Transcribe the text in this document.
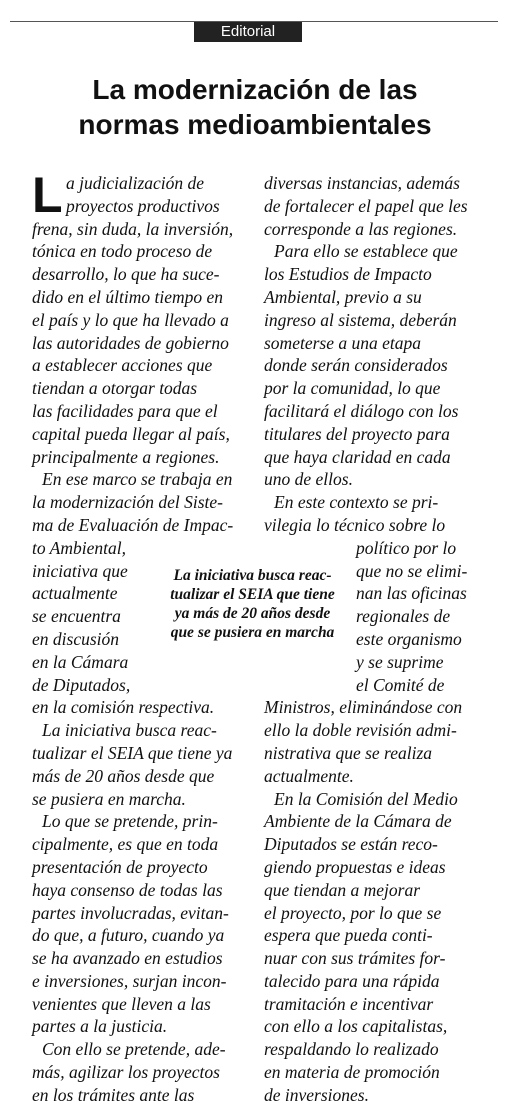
Editorial
La modernización de las
normas medioambientales
L a judicialización de
proyectos productivos
frena, sin duda, la inversión,
tónica en todo proceso de
desarrollo, lo que ha suce-
dido en el último tiempo en
el país y lo que ha llevado a
las autoridades de gobierno
a establecer acciones que
tiendan a otorgar todas
las facilidades para que el
capital pueda llegar al país,
principalmente a regiones.
En ese marco se trabaja en
la modernización del Siste-
ma de Evaluación de Impac-
to Ambiental,
iniciativa que
actualmente
se encuentra
en discusión
en la Cámara
de Diputados,
en la comisión respectiva.
La iniciativa busca reac-
tualizar el SEIA que tiene ya
más de 20 años desde que
se pusiera en marcha.
Lo que se pretende, prin-
cipalmente, es que en toda
presentación de proyecto
haya consenso de todas las
partes involucradas, evitan-
do que, a futuro, cuando ya
se ha avanzado en estudios
e inversiones, surjan incon-
venientes que lleven a las
partes a la justicia.
Con ello se pretende, ade-
más, agilizar los proyectos
en los trámites ante las
diversas instancias, además
de fortalecer el papel que les
corresponde a las regiones.
Para ello se establece que
los Estudios de Impacto
Ambiental, previo a su
ingreso al sistema, deberán
someterse a una etapa
donde serán considerados
por la comunidad, lo que
facilitará el diálogo con los
titulares del proyecto para
que haya claridad en cada
uno de ellos.
En este contexto se pri-
vilegia lo técnico sobre lo
político por lo
que no se elimi-
nan las oficinas
regionales de
este organismo
y se suprime
el Comité de
Ministros, eliminándose con
ello la doble revisión admi-
nistrativa que se realiza
actualmente.
En la Comisión del Medio
Ambiente de la Cámara de
Diputados se están reco-
giendo propuestas e ideas
que tiendan a mejorar
el proyecto, por lo que se
espera que pueda conti-
nuar con sus trámites for-
talecido para una rápida
tramitación e incentivar
con ello a los capitalistas,
respaldando lo realizado
en materia de promoción
de inversiones.
La iniciativa busca reac-
tualizar el SEIA que tiene
ya más de 20 años desde
que se pusiera en marcha
